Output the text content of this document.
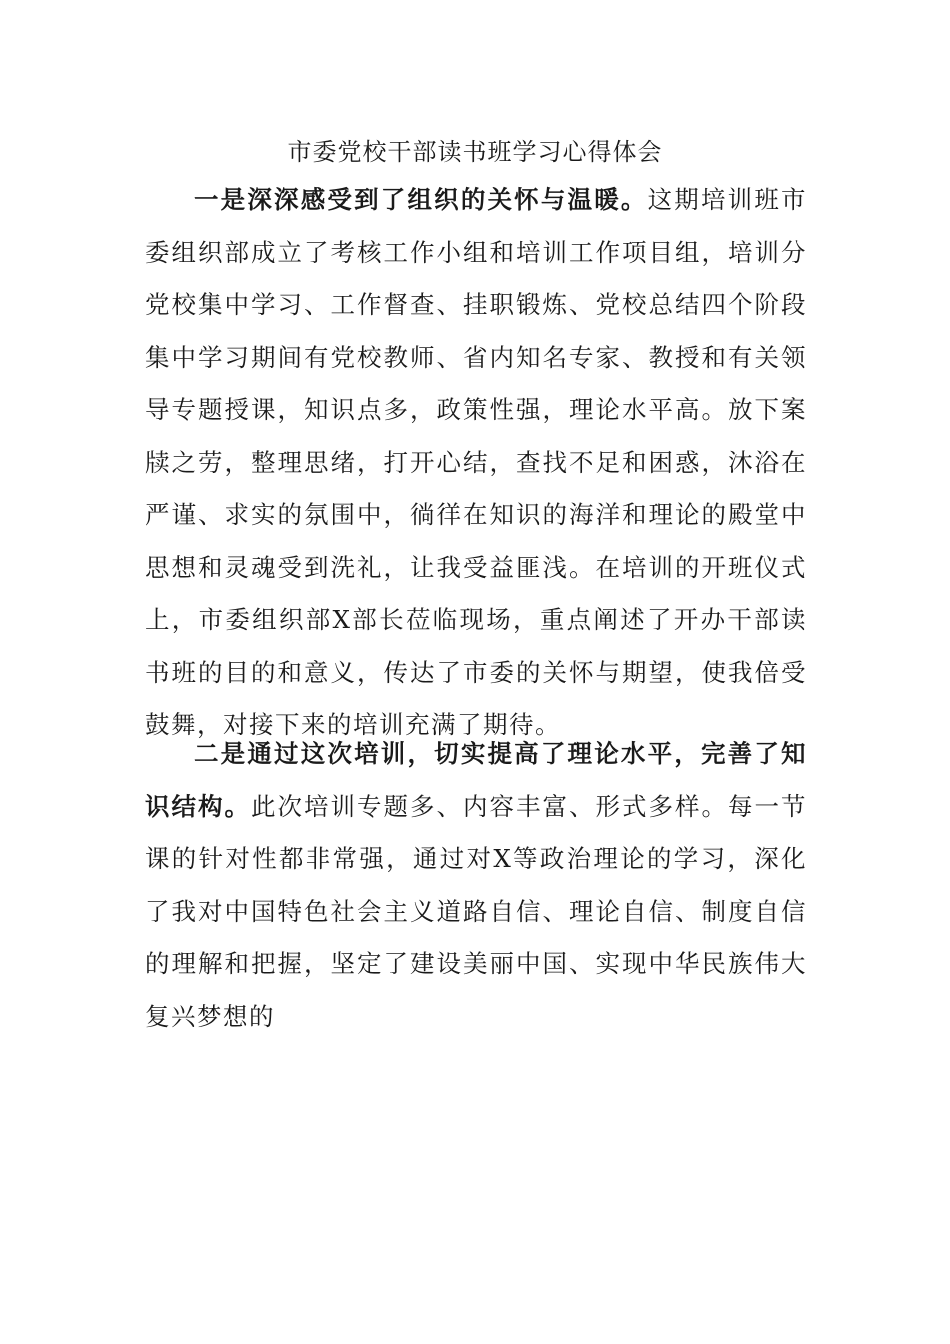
市委党校干部读书班学习心得体会

一是深深感受到了组织的关怀与温暖。这期培训班市委组织部成立了考核工作小组和培训工作项目组，培训分党校集中学习、工作督查、挂职锻炼、党校总结四个阶段集中学习期间有党校教师、省内知名专家、教授和有关领导专题授课，知识点多，政策性强，理论水平高。放下案牍之劳，整理思绪，打开心结，查找不足和困惑，沐浴在严谨、求实的氛围中，徜徉在知识的海洋和理论的殿堂中思想和灵魂受到洗礼，让我受益匪浅。在培训的开班仪式上，市委组织部X部长莅临现场，重点阐述了开办干部读书班的目的和意义，传达了市委的关怀与期望，使我倍受鼓舞，对接下来的培训充满了期待。

二是通过这次培训，切实提高了理论水平，完善了知识结构。此次培训专题多、内容丰富、形式多样。每一节课的针对性都非常强，通过对X等政治理论的学习，深化了我对中国特色社会主义道路自信、理论自信、制度自信的理解和把握，坚定了建设美丽中国、实现中华民族伟大复兴梦想的
